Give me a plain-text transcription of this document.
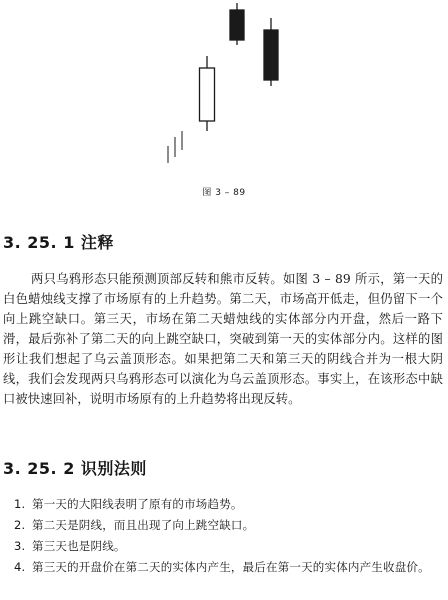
图 3 – 89
3. 25. 1 注释

两只乌鸦形态只能预测顶部反转和熊市反转。如图 3 – 89 所示，第一天的白色蜡烛线支撑了市场原有的上升趋势。第二天，市场高开低走，但仍留下一个向上跳空缺口。第三天，市场在第二天蜡烛线的实体部分内开盘，然后一路下滑，最后弥补了第二天的向上跳空缺口，突破到第一天的实体部分内。这样的图形让我们想起了乌云盖顶形态。如果把第二天和第三天的阴线合并为一根大阴线，我们会发现两只乌鸦形态可以演化为乌云盖顶形态。事实上，在该形态中缺口被快速回补，说明市场原有的上升趋势将出现反转。

3. 25. 2 识别法则
1. 第一天的大阳线表明了原有的市场趋势。
2. 第二天是阴线，而且出现了向上跳空缺口。
3. 第三天也是阴线。
4. 第三天的开盘价在第二天的实体内产生，最后在第一天的实体内产生收盘价。
